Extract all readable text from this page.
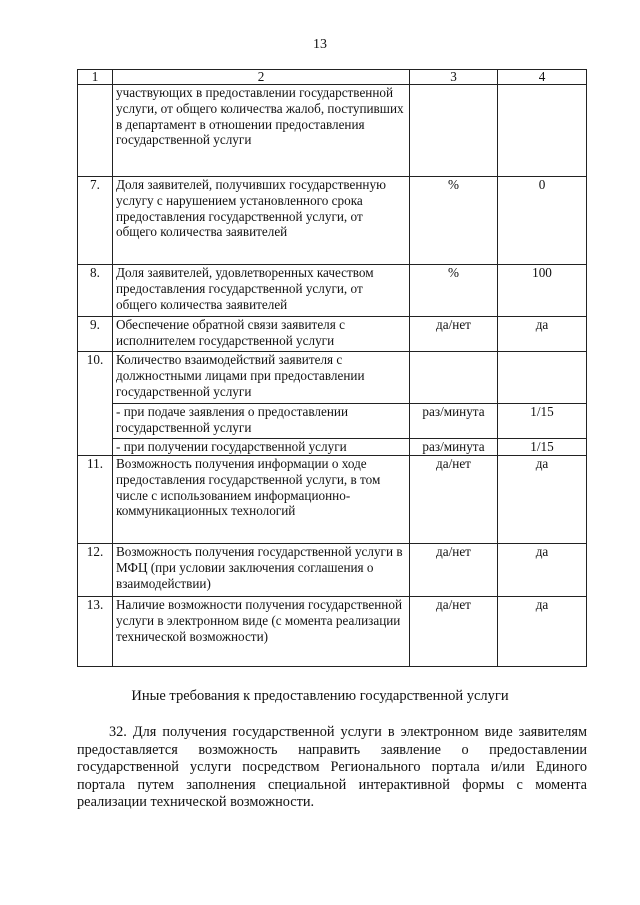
13
1	2	3	4
	участвующих в предоставлении государственной услуги, от общего количества жалоб, поступивших в департамент в отношении предоставления государственной услуги		
7.	Доля заявителей, получивших государственную услугу с нарушением установленного срока предоставления государственной услуги, от общего количества заявителей	%	0
8.	Доля заявителей, удовлетворенных качеством предоставления государственной услуги, от общего количества заявителей	%	100
9.	Обеспечение обратной связи заявителя с исполнителем государственной услуги	да/нет	да
10.	Количество взаимодействий заявителя с должностными лицами при предоставлении государственной услуги		
	- при подаче заявления о предоставлении государственной услуги	раз/минута	1/15
	- при получении государственной услуги	раз/минута	1/15
11.	Возможность получения информации о ходе предоставления государственной услуги, в том числе с использованием информационно-коммуникационных технологий	да/нет	да
12.	Возможность получения государственной услуги в МФЦ (при условии заключения соглашения о взаимодействии)	да/нет	да
13.	Наличие возможности получения государственной услуги в электронном виде (с момента реализации технической возможности)	да/нет	да
Иные требования к предоставлению государственной услуги

32. Для получения государственной услуги в электронном виде заявителям предоставляется возможность направить заявление о предоставлении государственной услуги посредством Регионального портала и/или Единого портала путем заполнения специальной интерактивной формы с момента реализации технической возможности.
